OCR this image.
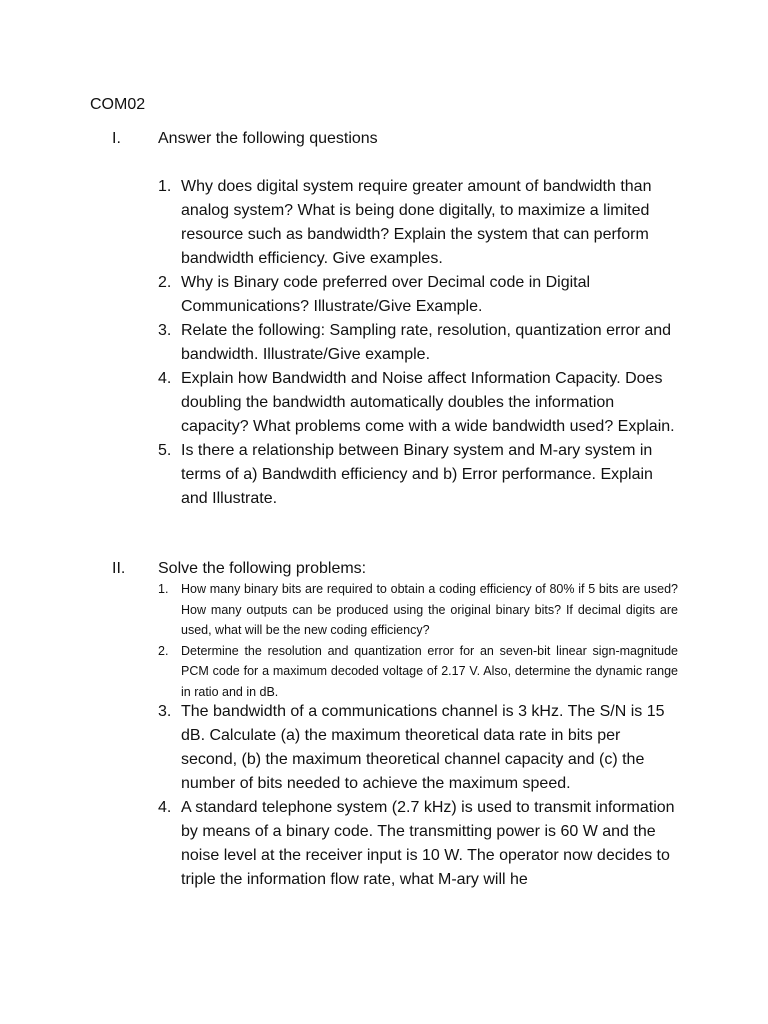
COM02
I.	Answer the following questions
1. Why does digital system require greater amount of bandwidth than analog system? What is being done digitally, to maximize a limited resource such as bandwidth? Explain the system that can perform bandwidth efficiency. Give examples.
2. Why is Binary code preferred over Decimal code in Digital Communications? Illustrate/Give Example.
3. Relate the following: Sampling rate, resolution, quantization error and bandwidth. Illustrate/Give example.
4. Explain how Bandwidth and Noise affect Information Capacity. Does doubling the bandwidth automatically doubles the information capacity? What problems come with a wide bandwidth used? Explain.
5. Is there a relationship between Binary system and M-ary system in terms of a) Bandwdith efficiency and b) Error performance. Explain and Illustrate.
II.	Solve the following problems:
1.	How many binary bits are required to obtain a coding efficiency of 80% if 5 bits are used? How many outputs can be produced using the original binary bits? If decimal digits are used, what will be the new coding efficiency?
2.	Determine the resolution and quantization error for an seven-bit linear sign-magnitude PCM code for a maximum decoded voltage of 2.17 V. Also, determine the dynamic range in ratio and in dB.
3. The bandwidth of a communications channel is 3 kHz. The S/N is 15 dB. Calculate (a) the maximum theoretical data rate in bits per second, (b) the maximum theoretical channel capacity and (c) the number of bits needed to achieve the maximum speed.
4. A standard telephone system (2.7 kHz) is used to transmit information by means of a binary code. The transmitting power is 60 W and the noise level at the receiver input is 10 W. The operator now decides to triple the information flow rate, what M-ary will he
